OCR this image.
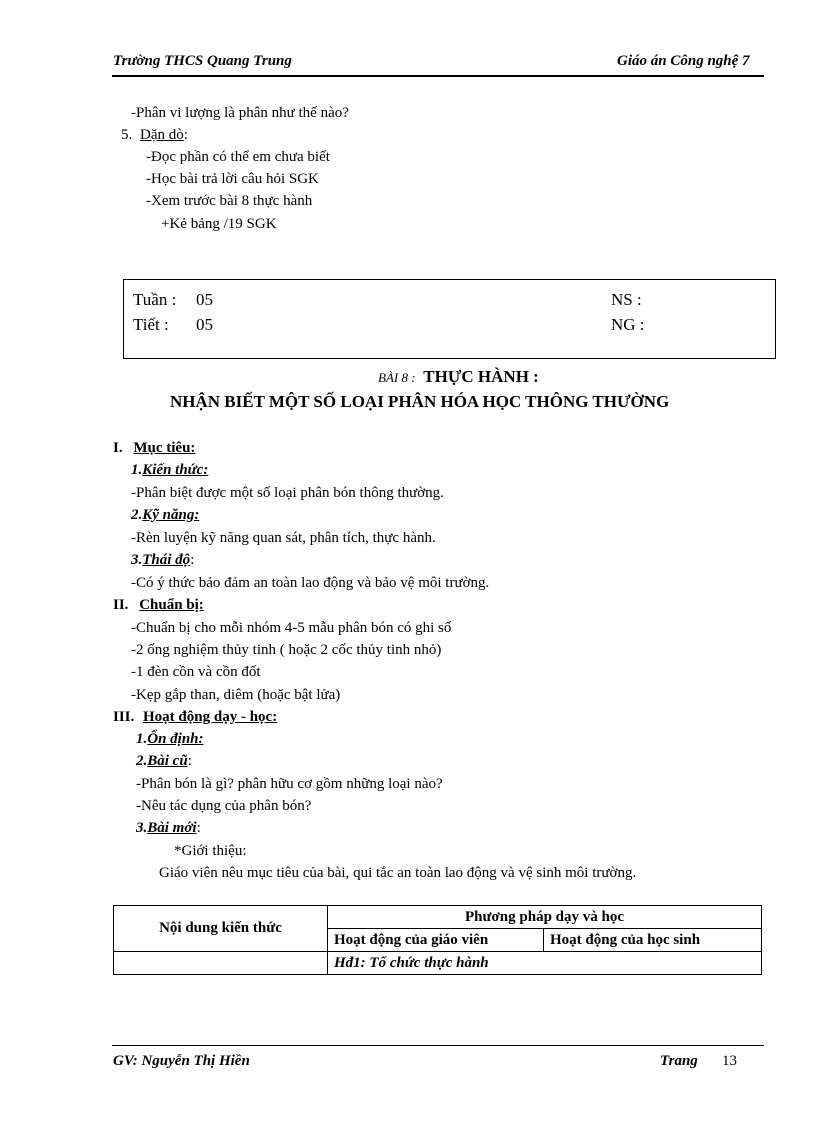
Trường THCS Quang Trung	Giáo án Công nghệ 7
-Phân vi lượng là phân như thế nào?
5. Dặn dò:
-Đọc phần có thể em chưa biết
-Học bài trả lời câu hỏi SGK
-Xem trước bài 8 thực hành
+Kẻ bảng /19 SGK
Tuần : 05
Tiết : 05
NS :
NG :
BÀI 8 : THỰC HÀNH :
NHẬN BIẾT MỘT SỐ LOẠI PHÂN HÓA HỌC THÔNG THƯỜNG
I. Mục tiêu:
1.Kiến thức:
-Phân biệt được một số loại phân bón thông thường.
2.Kỹ năng:
-Rèn luyện kỹ năng quan sát, phân tích, thực hành.
3.Thái độ:
-Có ý thức bảo đảm an toàn lao động và bảo vệ môi trường.
II. Chuẩn bị:
-Chuẩn bị cho mỗi nhóm 4-5 mẫu phân bón có ghi số
-2 ống nghiệm thủy tinh ( hoặc 2 cốc thủy tinh nhỏ)
-1 đèn cồn và cồn đốt
-Kẹp gắp than, diêm (hoặc bật lửa)
III. Hoạt động dạy - học:
1.Ổn định:
2.Bài cũ:
-Phân bón là gì? phân hữu cơ gồm những loại nào?
-Nêu tác dụng của phân bón?
3.Bài mới:
*Giới thiệu:
Giáo viên nêu mục tiêu của bài, qui tắc an toàn lao động và vệ sinh môi trường.
Nội dung kiến thức	Phương pháp dạy và học	
	Hoạt động của giáo viên	Hoạt động của học sinh
	Hđ1: Tổ chức thực hành	
GV: Nguyễn Thị Hiền	Trang 13
